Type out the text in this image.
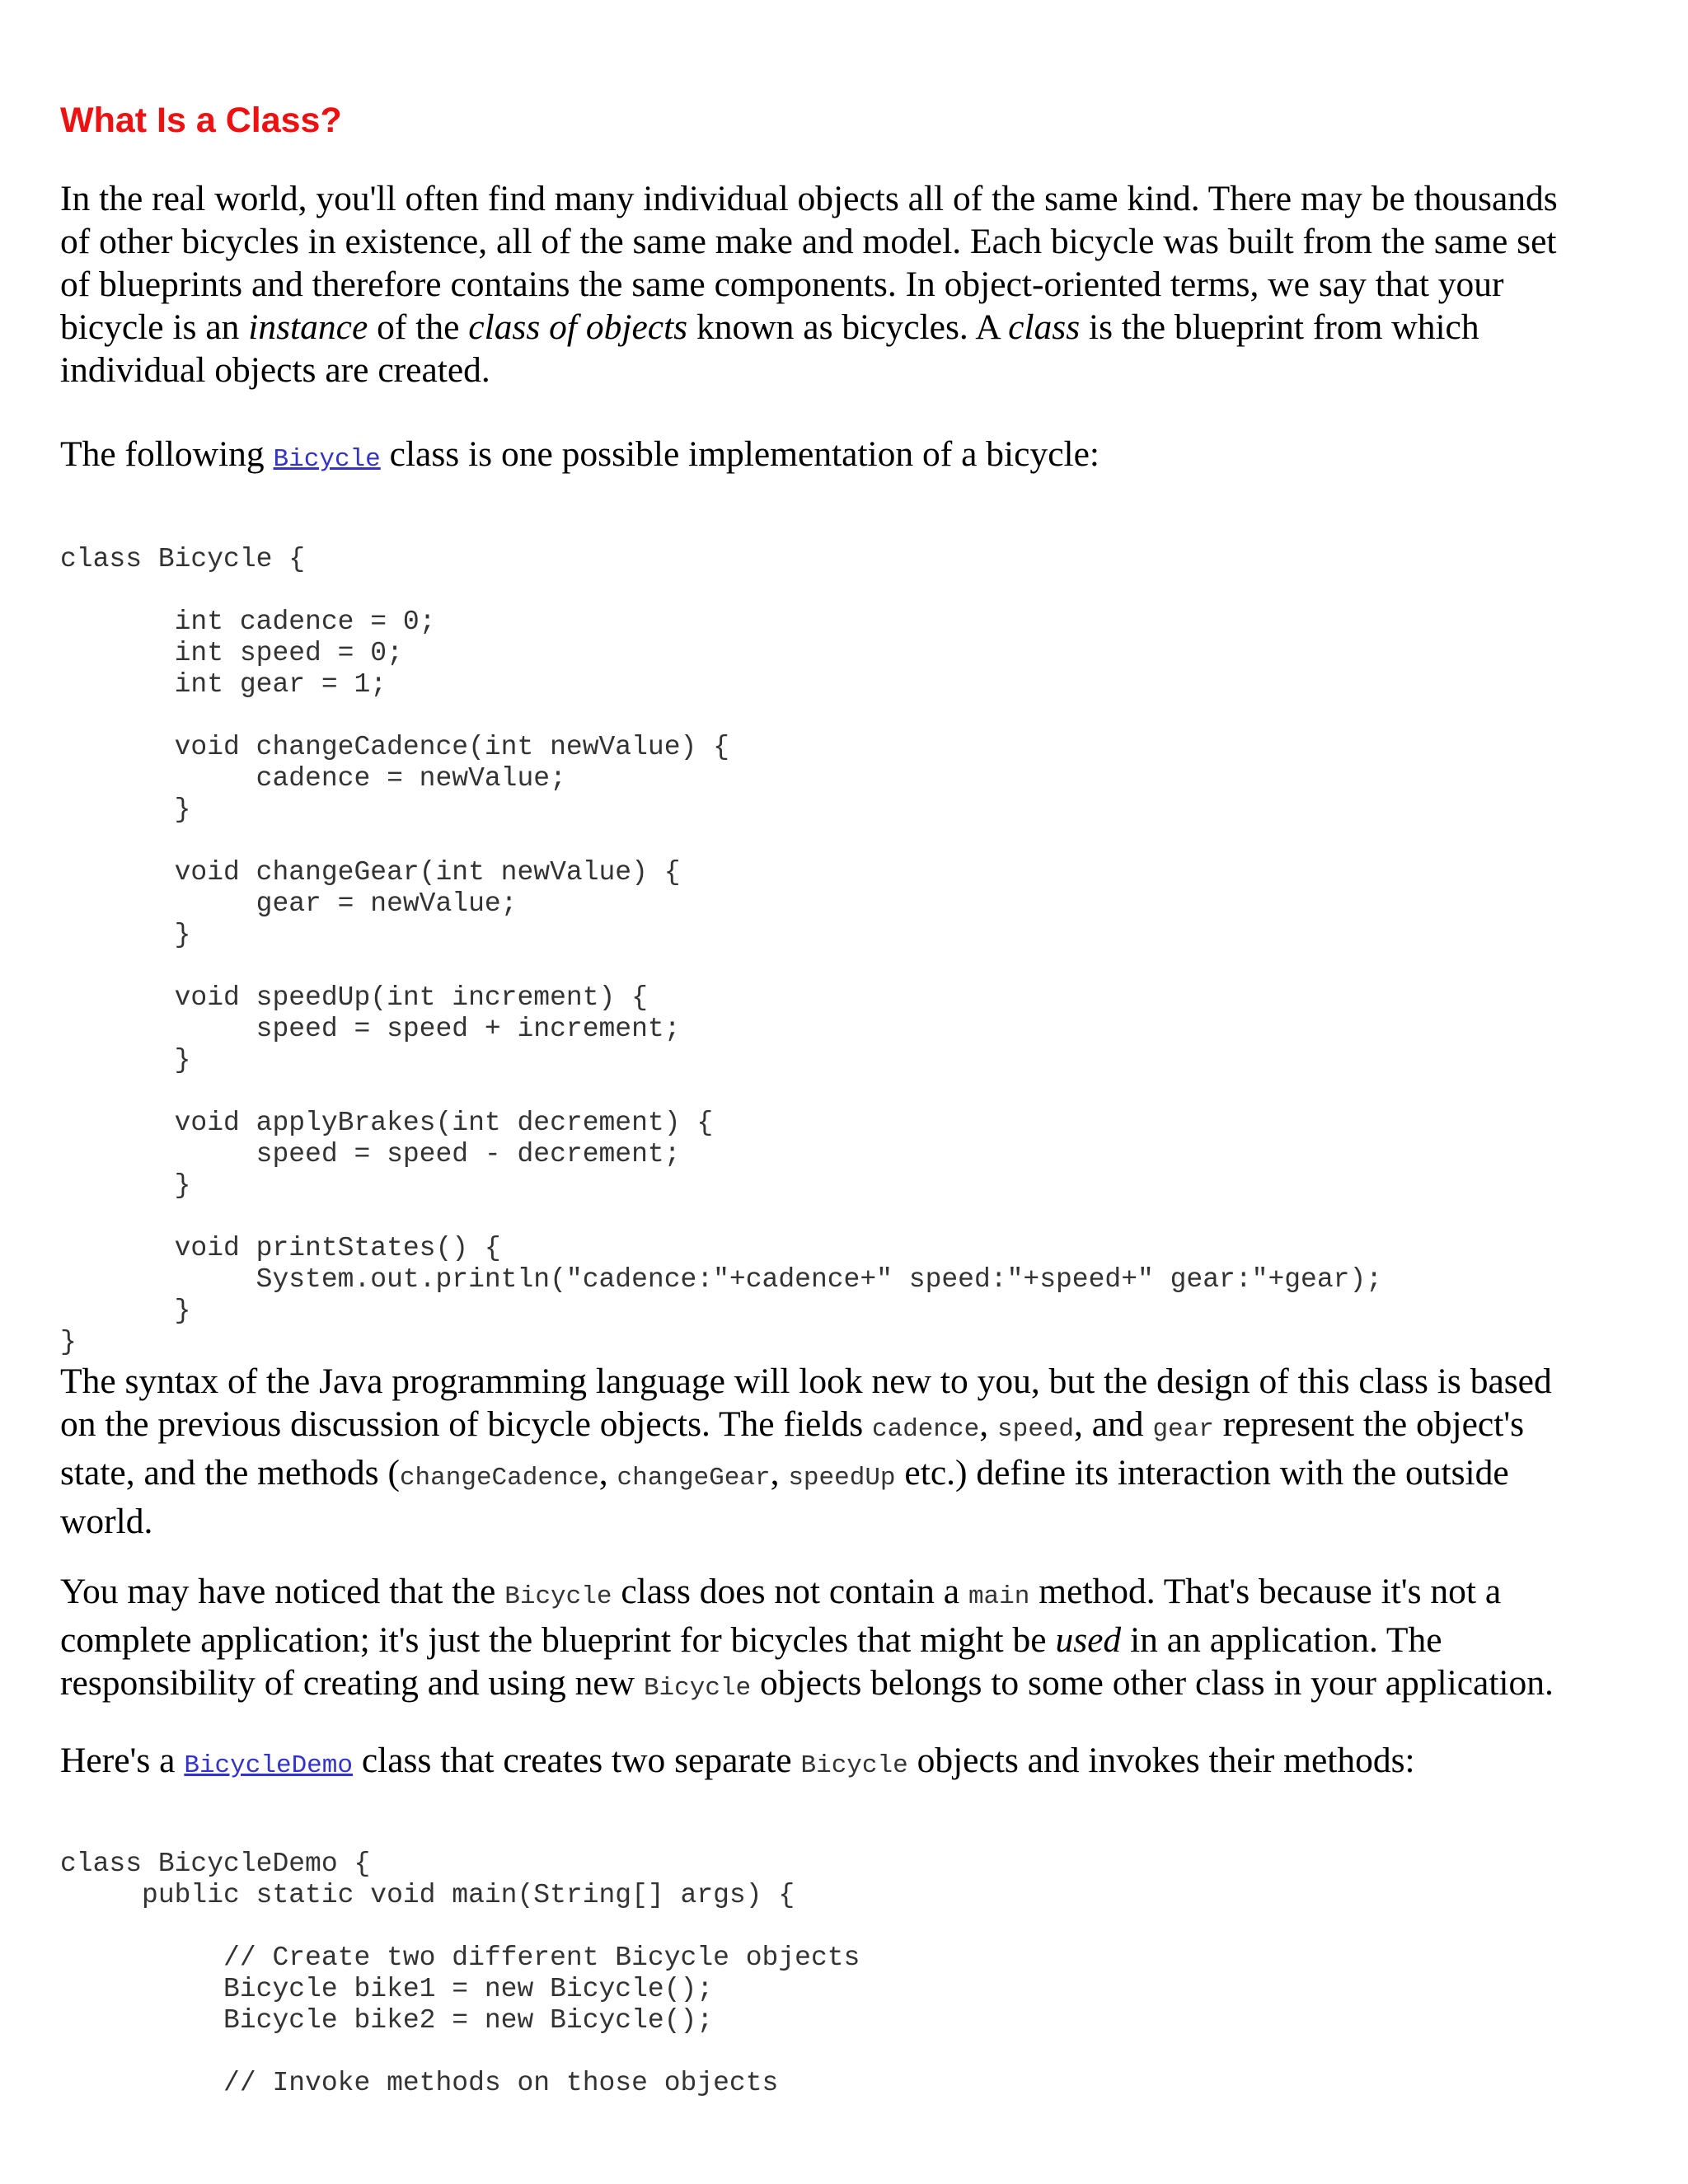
What Is a Class?

In the real world, you'll often find many individual objects all of the same kind. There may be thousands
of other bicycles in existence, all of the same make and model. Each bicycle was built from the same set
of blueprints and therefore contains the same components. In object-oriented terms, we say that your
bicycle is an instance of the class of objects known as bicycles. A class is the blueprint from which
individual objects are created.

The following Bicycle class is one possible implementation of a bicycle:

class Bicycle {

int cadence = 0;
int speed = 0;
int gear = 1;

void changeCadence(int newValue) {
cadence = newValue;
}

void changeGear(int newValue) {
gear = newValue;
}

void speedUp(int increment) {
speed = speed + increment;
}

void applyBrakes(int decrement) {
speed = speed - decrement;
}

void printStates() {
System.out.println("cadence:"+cadence+" speed:"+speed+" gear:"+gear);
}
}

The syntax of the Java programming language will look new to you, but the design of this class is based
on the previous discussion of bicycle objects. The fields cadence, speed, and gear represent the object's
state, and the methods (changeCadence, changeGear, speedUp etc.) define its interaction with the outside
world.

You may have noticed that the Bicycle class does not contain a main method. That's because it's not a
complete application; it's just the blueprint for bicycles that might be used in an application. The
responsibility of creating and using new Bicycle objects belongs to some other class in your application.

Here's a BicycleDemo class that creates two separate Bicycle objects and invokes their methods:

class BicycleDemo {
public static void main(String[] args) {

// Create two different Bicycle objects
Bicycle bike1 = new Bicycle();
Bicycle bike2 = new Bicycle();

// Invoke methods on those objects
